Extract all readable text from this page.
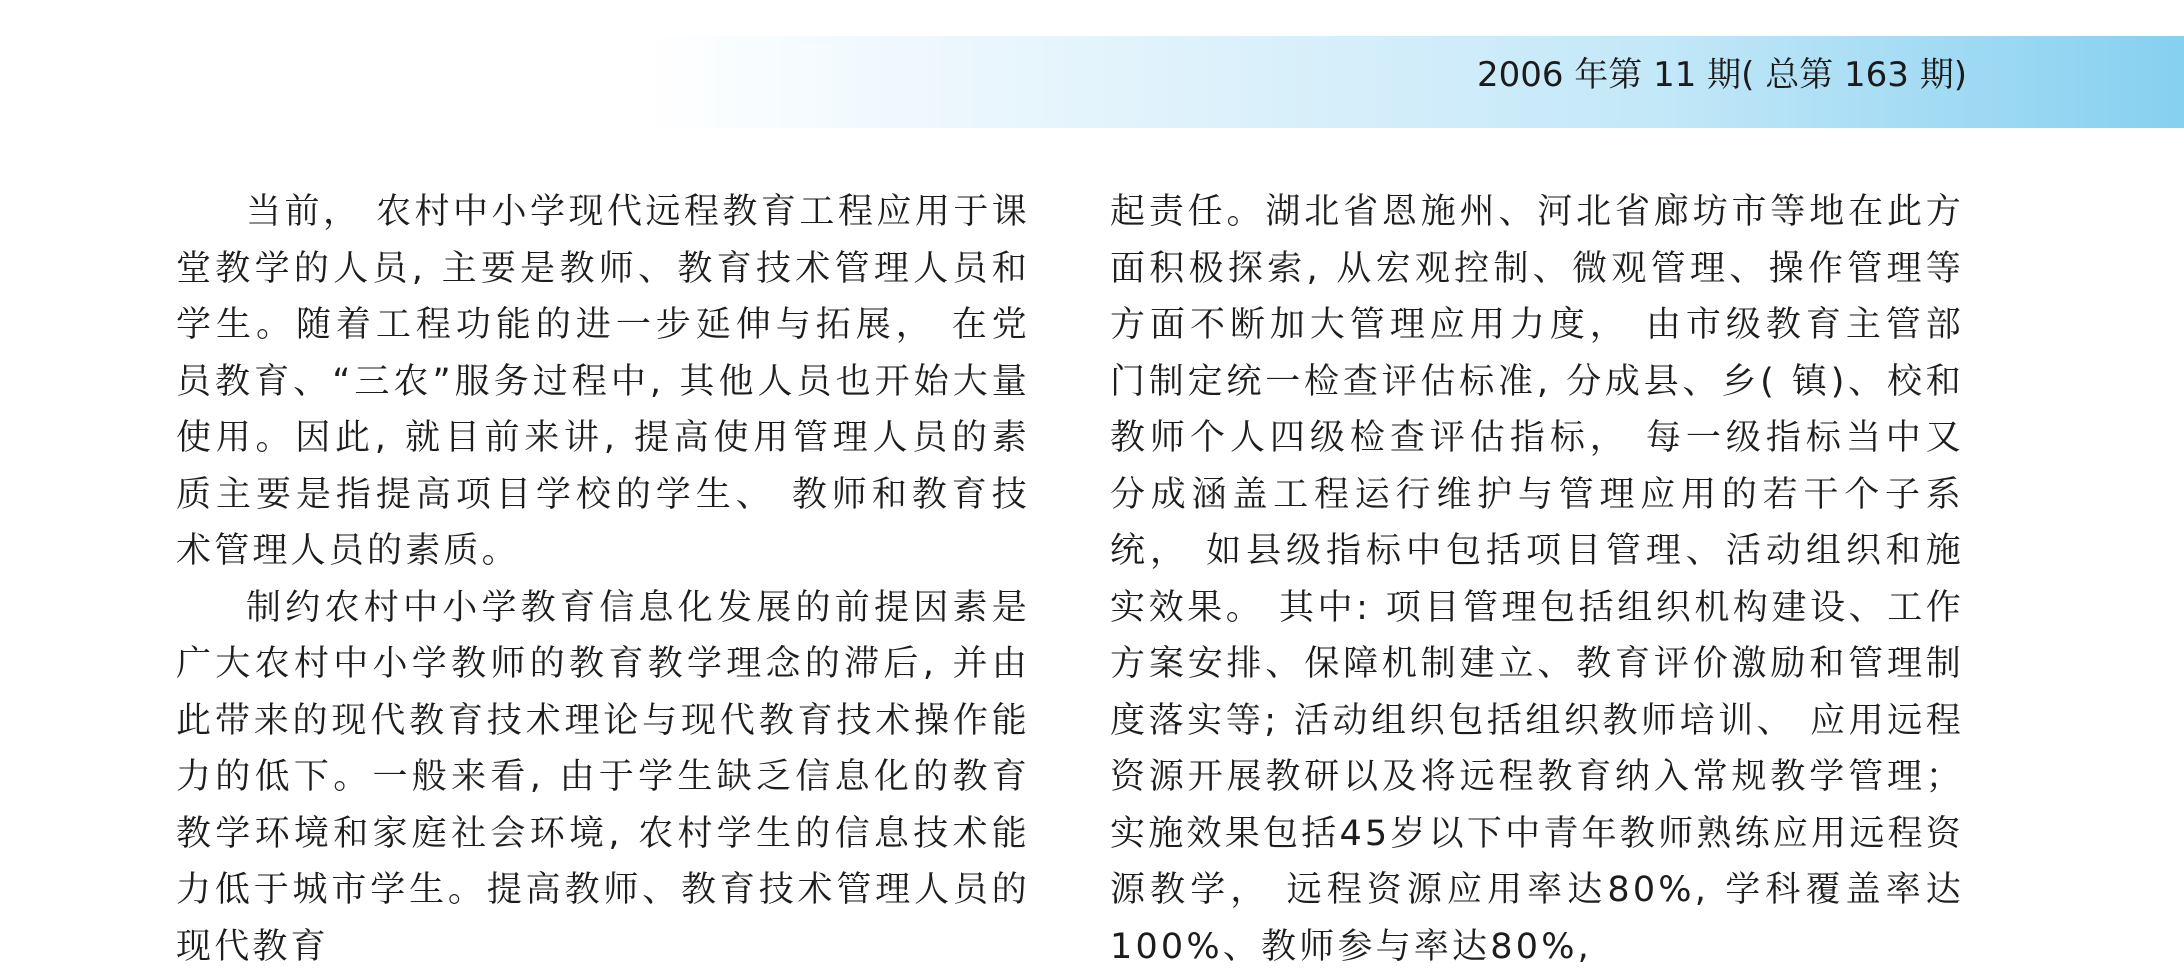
2006 年第 11 期( 总第 163 期)

当前， 农村中小学现代远程教育工程应用于课堂教学的人员, 主要是教师、教育技术管理人员和学生。随着工程功能的进一步延伸与拓展， 在党员教育、“三农”服务过程中, 其他人员也开始大量使用。因此, 就目前来讲, 提高使用管理人员的素质主要是指提高项目学校的学生、 教师和教育技术管理人员的素质。

制约农村中小学教育信息化发展的前提因素是广大农村中小学教师的教育教学理念的滞后, 并由此带来的现代教育技术理论与现代教育技术操作能力的低下。一般来看, 由于学生缺乏信息化的教育教学环境和家庭社会环境, 农村学生的信息技术能力低于城市学生。提高教师、教育技术管理人员的现代教育

起责任。湖北省恩施州、河北省廊坊市等地在此方面积极探索, 从宏观控制、微观管理、操作管理等方面不断加大管理应用力度， 由市级教育主管部门制定统一检查评估标准, 分成县、乡( 镇)、校和教师个人四级检查评估指标， 每一级指标当中又分成涵盖工程运行维护与管理应用的若干个子系统， 如县级指标中包括项目管理、活动组织和施实效果。 其中: 项目管理包括组织机构建设、工作方案安排、保障机制建立、教育评价激励和管理制度落实等; 活动组织包括组织教师培训、 应用远程资源开展教研以及将远程教育纳入常规教学管理； 实施效果包括45岁以下中青年教师熟练应用远程资源教学， 远程资源应用率达80%, 学科覆盖率达100%、教师参与率达80%,
